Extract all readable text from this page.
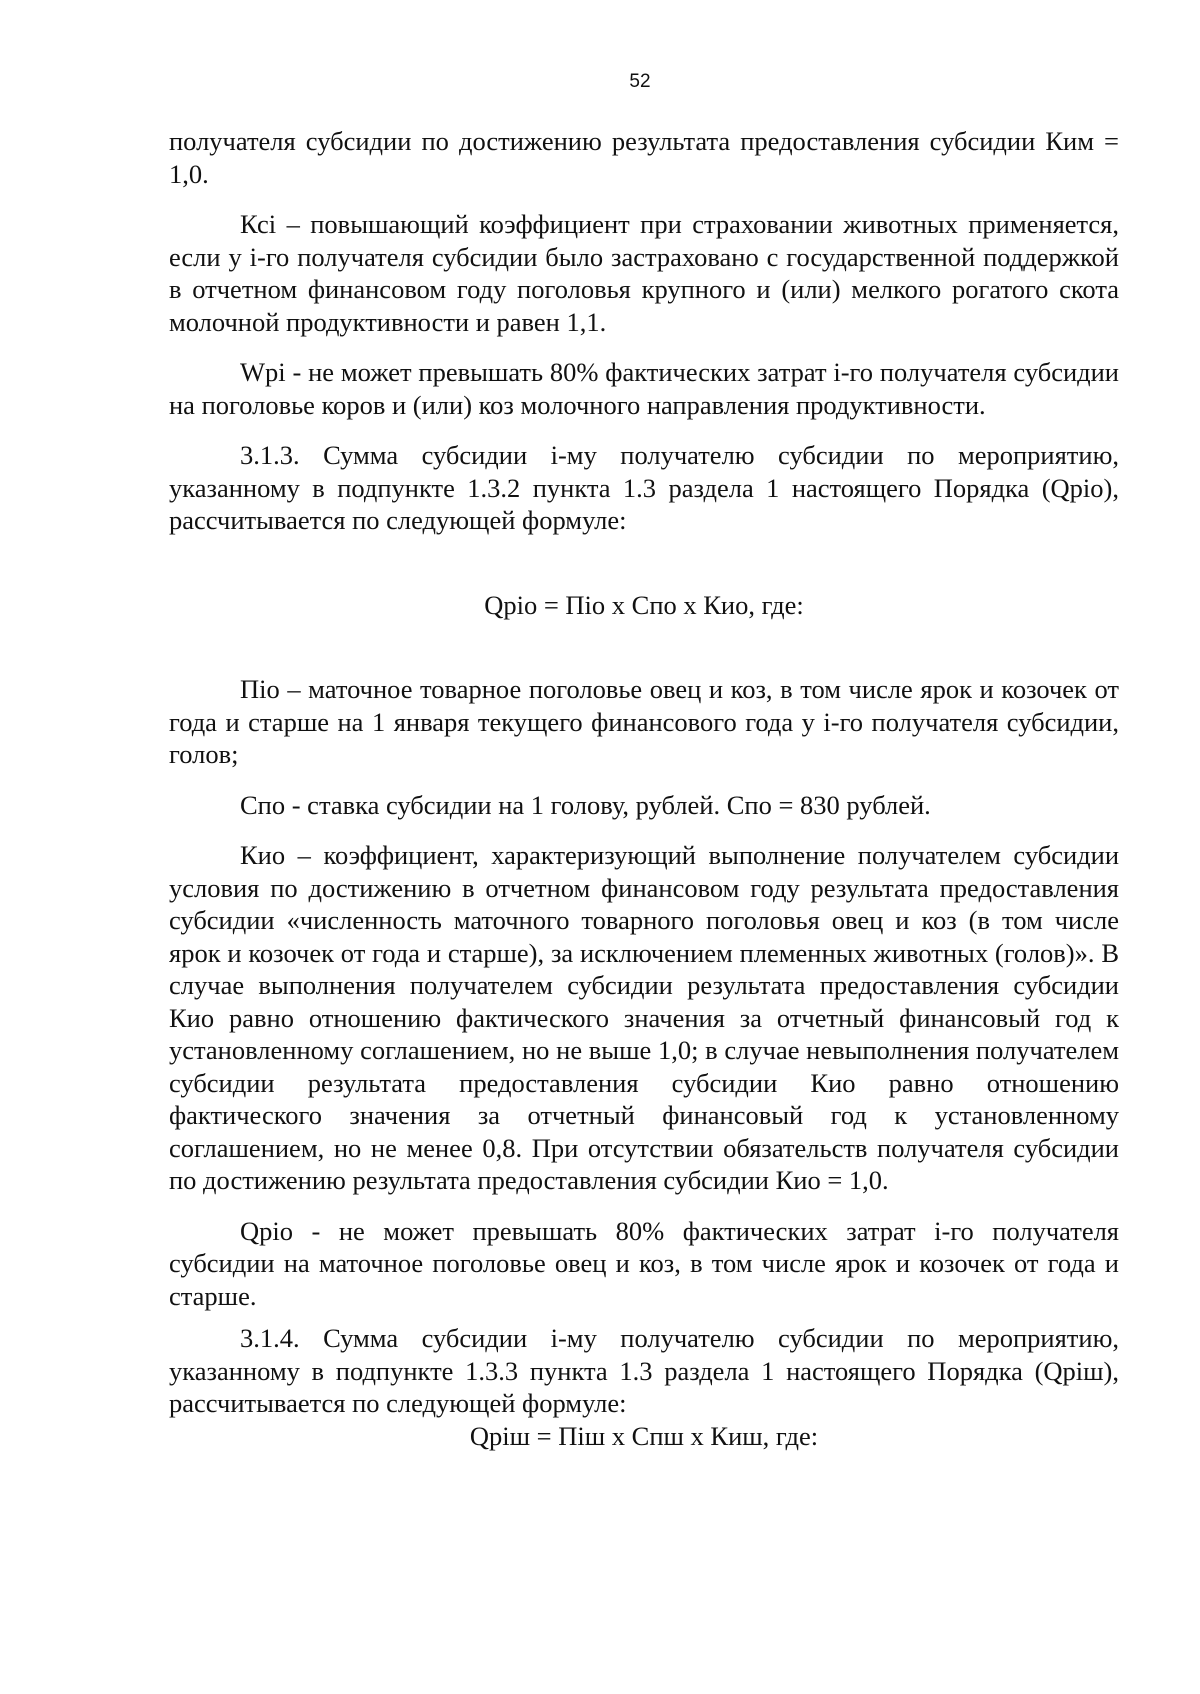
52

получателя субсидии по достижению результата предоставления субсидии Ким = 1,0.

Ксi – повышающий коэффициент при страховании животных применяется, если у i-го получателя субсидии было застраховано с государственной поддержкой в отчетном финансовом году поголовья крупного и (или) мелкого рогатого скота молочной продуктивности и равен 1,1.

Wpi - не может превышать 80% фактических затрат i-го получателя субсидии на поголовье коров и (или) коз молочного направления продуктивности.

3.1.3. Сумма субсидии i-му получателю субсидии по мероприятию, указанному в подпункте 1.3.2 пункта 1.3 раздела 1 настоящего Порядка (Qpio), рассчитывается по следующей формуле:

Qpio = Пio х Cпо х Кио, где:

Пio – маточное товарное поголовье овец и коз, в том числе ярок и козочек от года и старше на 1 января текущего финансового года у i-го получателя субсидии, голов;

Cпо - ставка субсидии на 1 голову, рублей. Cпо = 830 рублей.

Кио – коэффициент, характеризующий выполнение получателем субсидии условия по достижению в отчетном финансовом году результата предоставления субсидии «численность маточного товарного поголовья овец и коз (в том числе ярок и козочек от года и старше), за исключением племенных животных (голов)». В случае выполнения получателем субсидии результата предоставления субсидии Кио равно отношению фактического значения за отчетный финансовый год к установленному соглашением, но не выше 1,0; в случае невыполнения получателем субсидии результата предоставления субсидии Кио равно отношению фактического значения за отчетный финансовый год к установленному соглашением, но не менее 0,8. При отсутствии обязательств получателя субсидии по достижению результата предоставления субсидии Кио = 1,0.

Qpio - не может превышать 80% фактических затрат i-го получателя субсидии на маточное поголовье овец и коз, в том числе ярок и козочек от года и старше.

3.1.4. Сумма субсидии i-му получателю субсидии по мероприятию, указанному в подпункте 1.3.3 пункта 1.3 раздела 1 настоящего Порядка (Qpiш), рассчитывается по следующей формуле:

Qpiш = Пiш х Спш х Киш, где:
